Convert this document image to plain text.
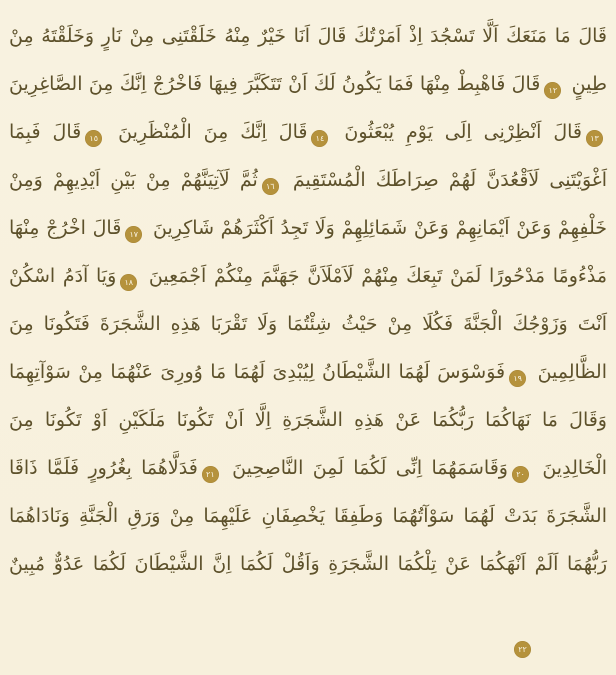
قَالَ مَا مَنَعَكَ اَلَّا تَسْجُدَ اِذْ اَمَرْتُكَ قَالَ اَنَا خَيْرٌ مِنْهُ خَلَقْتَنِى مِنْ نَارٍ وَخَلَقْتَهُ مِنْ
طِينٍ ١٢قَالَ فَاهْبِطْ مِنْهَا فَمَا يَكُونُ لَكَ اَنْ تَتَكَبَّرَ فِيهَا فَاخْرُجْ اِنَّكَ مِنَ الصَّاغِرِينَ
١٣قَالَ اَنْظِرْنِى اِلَى يَوْمِ يُبْعَثُونَ ١٤قَالَ اِنَّكَ مِنَ الْمُنْظَرِينَ ١٥قَالَ فَبِمَا
اَغْوَيْتَنِى لَاَقْعُدَنَّ لَهُمْ صِرَاطَكَ الْمُسْتَقِيمَ ١٦ثُمَّ لَآتِيَنَّهُمْ مِنْ بَيْنِ اَيْدِيهِمْ وَمِنْ
خَلْفِهِمْ وَعَنْ اَيْمَانِهِمْ وَعَنْ شَمَائِلِهِمْ وَلَا تَجِدُ اَكْثَرَهُمْ شَاكِرِينَ ١٧قَالَ اخْرُجْ مِنْهَا
مَذْءُومًا مَدْحُورًا لَمَنْ تَبِعَكَ مِنْهُمْ لَاَمْلَاَنَّ جَهَنَّمَ مِنْكُمْ اَجْمَعِينَ ١٨وَيَا آدَمُ اسْكُنْ
اَنْتَ وَزَوْجُكَ الْجَنَّةَ فَكُلَا مِنْ حَيْثُ شِئْتُمَا وَلَا تَقْرَبَا هَذِهِ الشَّجَرَةَ فَتَكُونَا مِنَ
الظَّالِمِينَ ١٩فَوَسْوَسَ لَهُمَا الشَّيْطَانُ لِيُبْدِىَ لَهُمَا مَا وُورِىَ عَنْهُمَا مِنْ سَوْآتِهِمَا
وَقَالَ مَا نَهَاكُمَا رَبُّكُمَا عَنْ هَذِهِ الشَّجَرَةِ اِلَّا اَنْ تَكُونَا مَلَكَيْنِ اَوْ تَكُونَا مِنَ
الْخَالِدِينَ ٢٠وَقَاسَمَهُمَا اِنِّى لَكُمَا لَمِنَ النَّاصِحِينَ ٢١فَدَلَّاهُمَا بِغُرُورٍ فَلَمَّا ذَاقَا
الشَّجَرَةَ بَدَتْ لَهُمَا سَوْآتُهُمَا وَطَفِقَا يَخْصِفَانِ عَلَيْهِمَا مِنْ وَرَقِ الْجَنَّةِ وَنَادَاهُمَا
رَبُّهُمَا اَلَمْ اَنْهَكُمَا عَنْ تِلْكُمَا الشَّجَرَةِ وَاَقُلْ لَكُمَا اِنَّ الشَّيْطَانَ لَكُمَا عَدُوٌّ مُبِينٌ
٢٢
